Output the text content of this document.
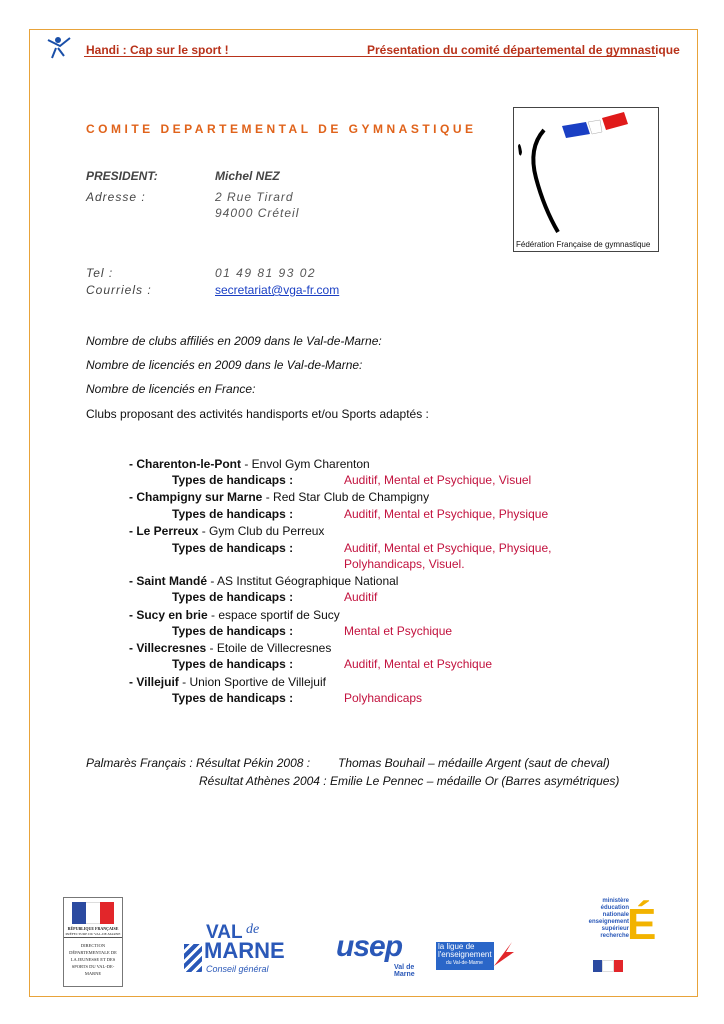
Handi : Cap sur le sport !	Présentation du comité départemental de gymnastique
COMITE DEPARTEMENTAL DE GYMNASTIQUE
Fédération Française de gymnastique
PRESIDENT:	Michel NEZ
Adresse :	2 Rue Tirard
94000 Créteil
Tel :	01 49 81 93 02
Courriels :	secretariat@vga-fr.com
Nombre de clubs affiliés en 2009 dans le Val-de-Marne:
Nombre de licenciés en 2009 dans le Val-de-Marne:
Nombre de licenciés en France:
Clubs proposant des activités handisports et/ou Sports adaptés :
- Charenton-le-Pont - Envol Gym Charenton
Types de handicaps :	Auditif, Mental et Psychique, Visuel
- Champigny sur Marne - Red Star Club de Champigny
Types de handicaps :	Auditif, Mental et Psychique, Physique
- Le Perreux - Gym Club du Perreux
Types de handicaps :	Auditif, Mental et Psychique, Physique,
Polyhandicaps, Visuel.
- Saint Mandé - AS Institut Géographique National
Types de handicaps :	Auditif
- Sucy en brie - espace sportif de Sucy
Types de handicaps :	Mental et Psychique
- Villecresnes - Etoile de Villecresnes
Types de handicaps :	Auditif, Mental et Psychique
- Villejuif - Union Sportive de Villejuif
Types de handicaps :	Polyhandicaps
Palmarès Français : Résultat Pékin 2008 : Thomas Bouhail – médaille Argent (saut de cheval)
Résultat Athènes 2004 : Emilie Le Pennec – médaille Or (Barres asymétriques)
RÉPUBLIQUE FRANÇAISE
PRÉFECTURE DU VAL-DE-MARNE
DIRECTION DÉPARTEMENTALE DE LA JEUNESSE ET DES SPORTS DU VAL-DE-MARNE
VAL de
MARNE
Conseil général
usep
Val de Marne
la ligue de
l'enseignement
du Val-de-Marne
ministère
éducation
nationale
enseignement
supérieur
recherche
É
